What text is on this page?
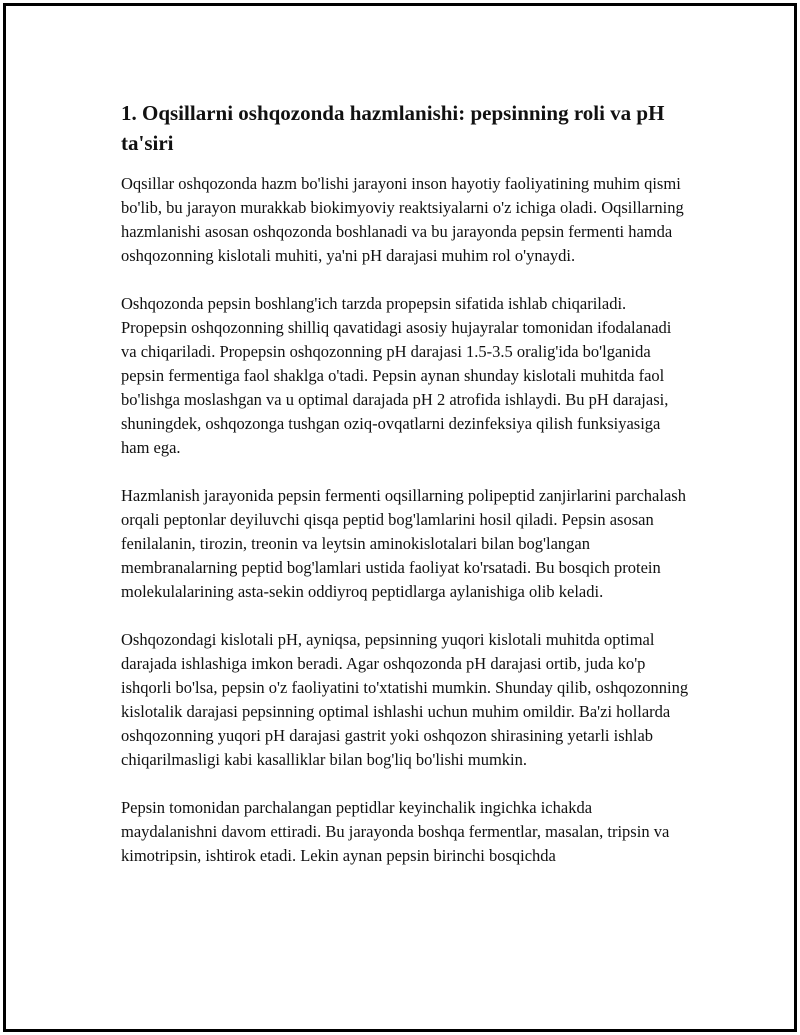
1. Oqsillarni oshqozonda hazmlanishi: pepsinning roli va pH ta'siri

Oqsillar oshqozonda hazm bo'lishi jarayoni inson hayotiy faoliyatining muhim qismi bo'lib, bu jarayon murakkab biokimyoviy reaktsiyalarni o'z ichiga oladi. Oqsillarning hazmlanishi asosan oshqozonda boshlanadi va bu jarayonda pepsin fermenti hamda oshqozonning kislotali muhiti, ya'ni pH darajasi muhim rol o'ynaydi.

Oshqozonda pepsin boshlang'ich tarzda propepsin sifatida ishlab chiqariladi. Propepsin oshqozonning shilliq qavatidagi asosiy hujayralar tomonidan ifodalanadi va chiqariladi. Propepsin oshqozonning pH darajasi 1.5-3.5 oralig'ida bo'lganida pepsin fermentiga faol shaklga o'tadi. Pepsin aynan shunday kislotali muhitda faol bo'lishga moslashgan va u optimal darajada pH 2 atrofida ishlaydi. Bu pH darajasi, shuningdek, oshqozonga tushgan oziq-ovqatlarni dezinfeksiya qilish funksiyasiga ham ega.

Hazmlanish jarayonida pepsin fermenti oqsillarning polipeptid zanjirlarini parchalash orqali peptonlar deyiluvchi qisqa peptid bog'lamlarini hosil qiladi. Pepsin asosan fenilalanin, tirozin, treonin va leytsin aminokislotalari bilan bog'langan membranalarning peptid bog'lamlari ustida faoliyat ko'rsatadi. Bu bosqich protein molekulalarining asta-sekin oddiyroq peptidlarga aylanishiga olib keladi.

Oshqozondagi kislotali pH, ayniqsa, pepsinning yuqori kislotali muhitda optimal darajada ishlashiga imkon beradi. Agar oshqozonda pH darajasi ortib, juda ko'p ishqorli bo'lsa, pepsin o'z faoliyatini to'xtatishi mumkin. Shunday qilib, oshqozonning kislotalik darajasi pepsinning optimal ishlashi uchun muhim omildir. Ba'zi hollarda oshqozonning yuqori pH darajasi gastrit yoki oshqozon shirasining yetarli ishlab chiqarilmasligi kabi kasalliklar bilan bog'liq bo'lishi mumkin.

Pepsin tomonidan parchalangan peptidlar keyinchalik ingichka ichakda maydalanishni davom ettiradi. Bu jarayonda boshqa fermentlar, masalan, tripsin va kimotripsin, ishtirok etadi. Lekin aynan pepsin birinchi bosqichda
